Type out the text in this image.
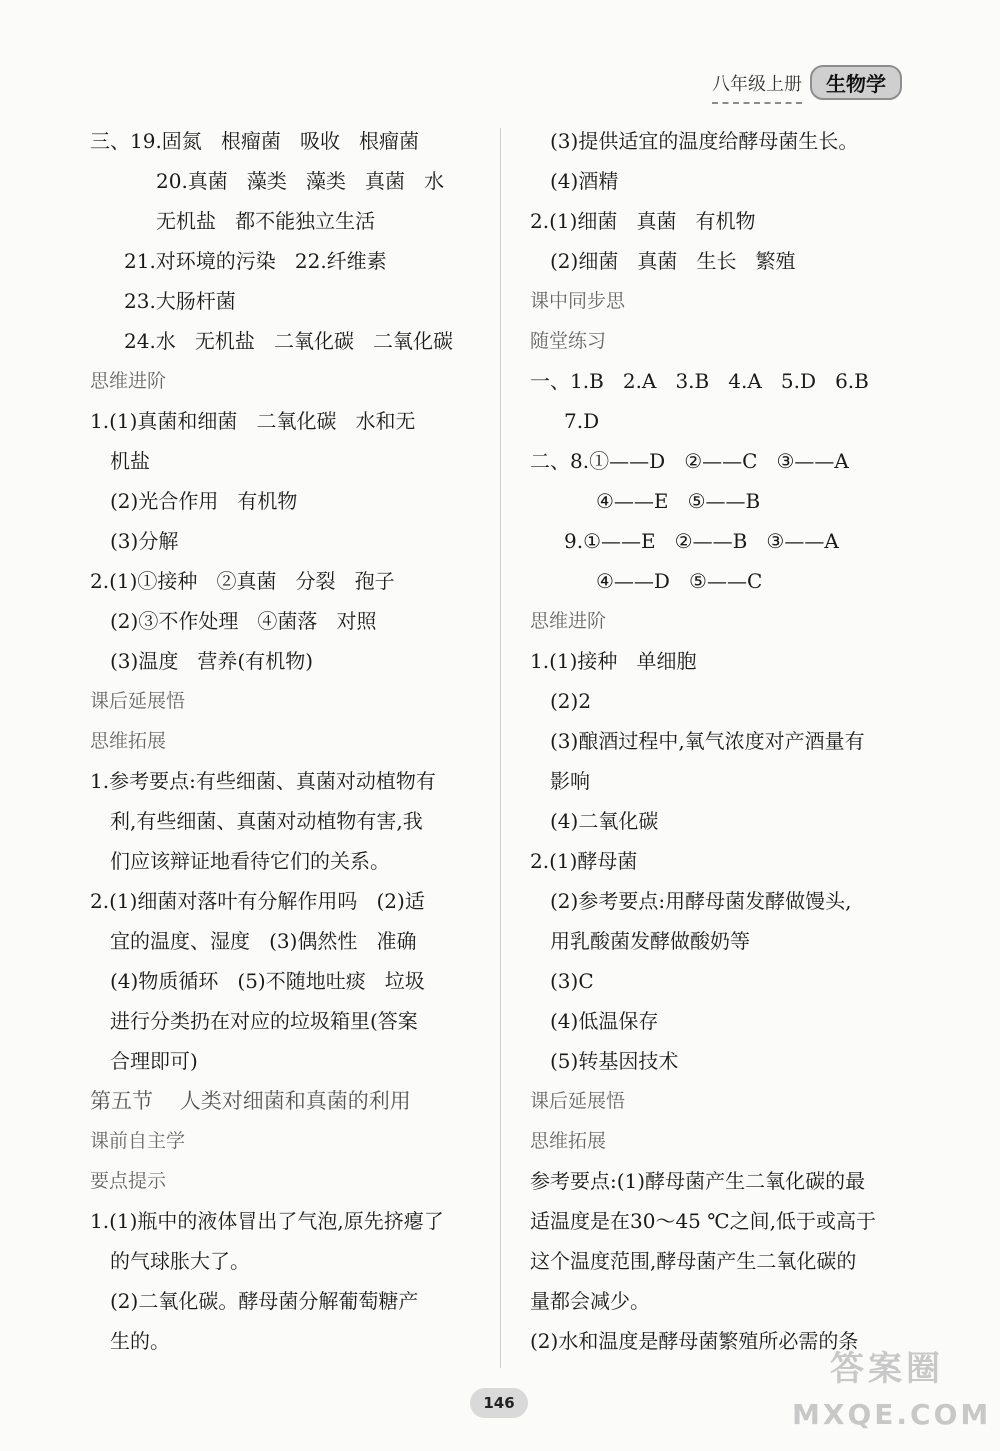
八年级上册	生物学
三、19.固氮   根瘤菌   吸收   根瘤菌
20.真菌   藻类   藻类   真菌   水
无机盐   都不能独立生活
21.对环境的污染   22.纤维素
23.大肠杆菌
24.水   无机盐   二氧化碳   二氧化碳
思维进阶
1.(1)真菌和细菌   二氧化碳   水和无
机盐
(2)光合作用   有机物
(3)分解
2.(1)①接种   ②真菌   分裂   孢子
(2)③不作处理   ④菌落   对照
(3)温度   营养(有机物)
课后延展悟
思维拓展
1.参考要点:有些细菌、真菌对动植物有
利,有些细菌、真菌对动植物有害,我
们应该辩证地看待它们的关系。
2.(1)细菌对落叶有分解作用吗   (2)适
宜的温度、湿度   (3)偶然性   准确
(4)物质循环   (5)不随地吐痰   垃圾
进行分类扔在对应的垃圾箱里(答案
合理即可)
第五节    人类对细菌和真菌的利用
课前自主学
要点提示
1.(1)瓶中的液体冒出了气泡,原先挤瘪了
的气球胀大了。
(2)二氧化碳。酵母菌分解葡萄糖产
生的。
(3)提供适宜的温度给酵母菌生长。
(4)酒精
2.(1)细菌   真菌   有机物
(2)细菌   真菌   生长   繁殖
课中同步思
随堂练习
一、1.B   2.A   3.B   4.A   5.D   6.B
7.D
二、8.①——D   ②——C   ③——A
④——E   ⑤——B
9.①——E   ②——B   ③——A
④——D   ⑤——C
思维进阶
1.(1)接种   单细胞
(2)2
(3)酿酒过程中,氧气浓度对产酒量有
影响
(4)二氧化碳
2.(1)酵母菌
(2)参考要点:用酵母菌发酵做馒头,
用乳酸菌发酵做酸奶等
(3)C
(4)低温保存
(5)转基因技术
课后延展悟
思维拓展
参考要点:(1)酵母菌产生二氧化碳的最
适温度是在30～45 ℃之间,低于或高于
这个温度范围,酵母菌产生二氧化碳的
量都会减少。
(2)水和温度是酵母菌繁殖所必需的条
146
答案圈
MXQE.COM
